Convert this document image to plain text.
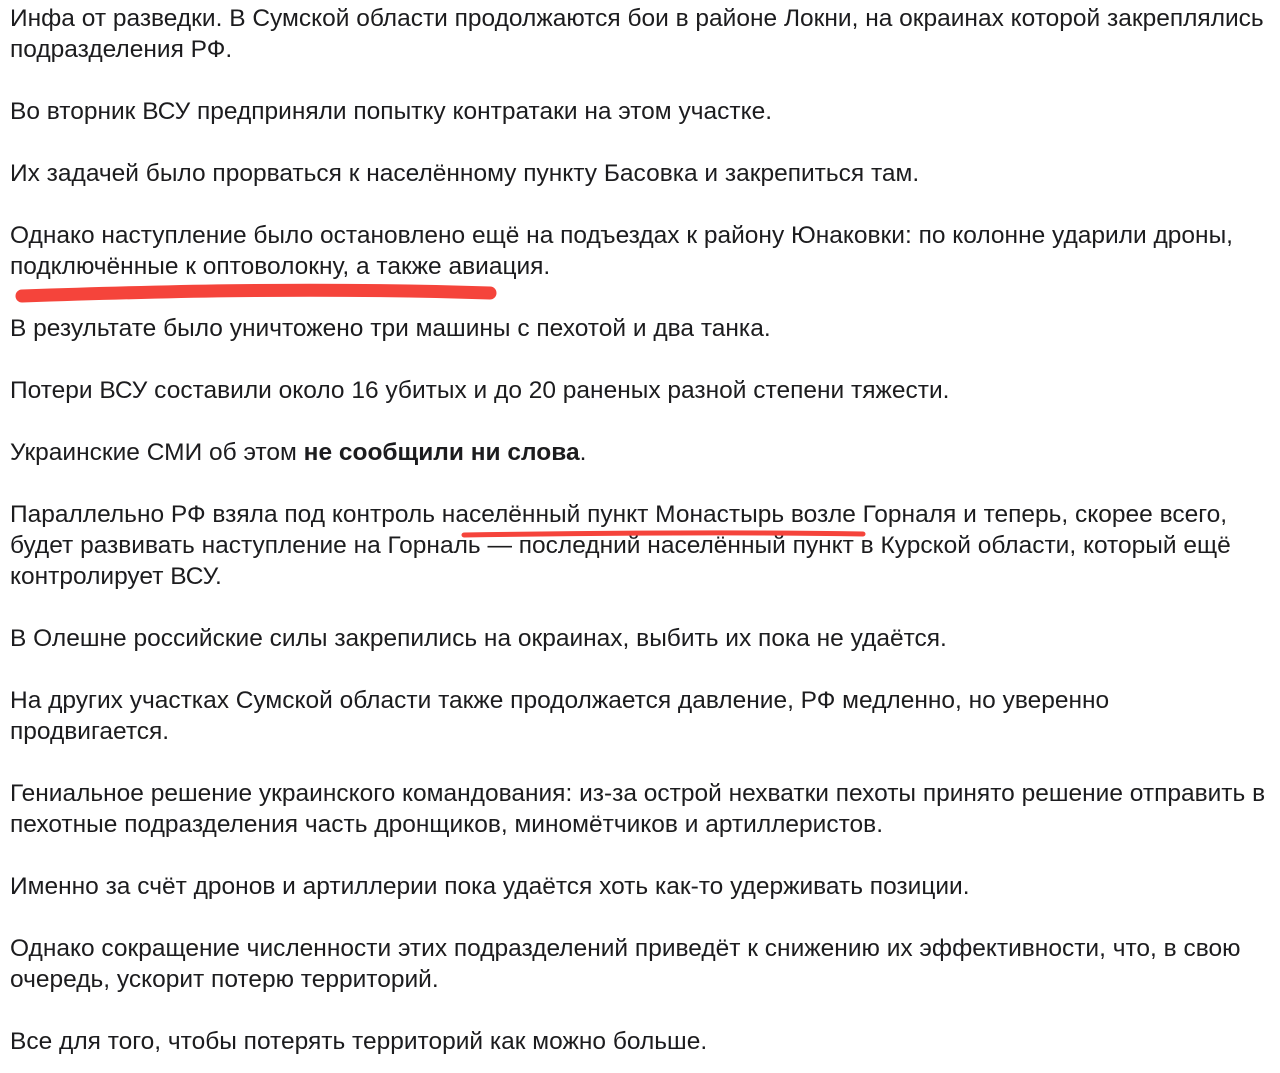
Инфа от разведки. В Сумской области продолжаются бои в районе Локни, на окраинах которой закреплялись подразделения РФ.

Во вторник ВСУ предприняли попытку контратаки на этом участке.

Их задачей было прорваться к населённому пункту Басовка и закрепиться там.

Однако наступление было остановлено ещё на подъездах к району Юнаковки: по колонне ударили дроны, подключённые к оптоволокну, а также авиация.

В результате было уничтожено три машины с пехотой и два танка.

Потери ВСУ составили около 16 убитых и до 20 раненых разной степени тяжести.

Украинские СМИ об этом не сообщили ни слова.

Параллельно РФ взяла под контроль населённый пункт Монастырь возле Горналя и теперь, скорее всего, будет развивать наступление на Горналь — последний населённый пункт в Курской области, который ещё контролирует ВСУ.

В Олешне российские силы закрепились на окраинах, выбить их пока не удаётся.

На других участках Сумской области также продолжается давление, РФ медленно, но уверенно продвигается.

Гениальное решение украинского командования: из-за острой нехватки пехоты принято решение отправить в пехотные подразделения часть дронщиков, миномётчиков и артиллеристов.

Именно за счёт дронов и артиллерии пока удаётся хоть как-то удерживать позиции.

Однако сокращение численности этих подразделений приведёт к снижению их эффективности, что, в свою очередь, ускорит потерю территорий.

Все для того, чтобы потерять территорий как можно больше.
